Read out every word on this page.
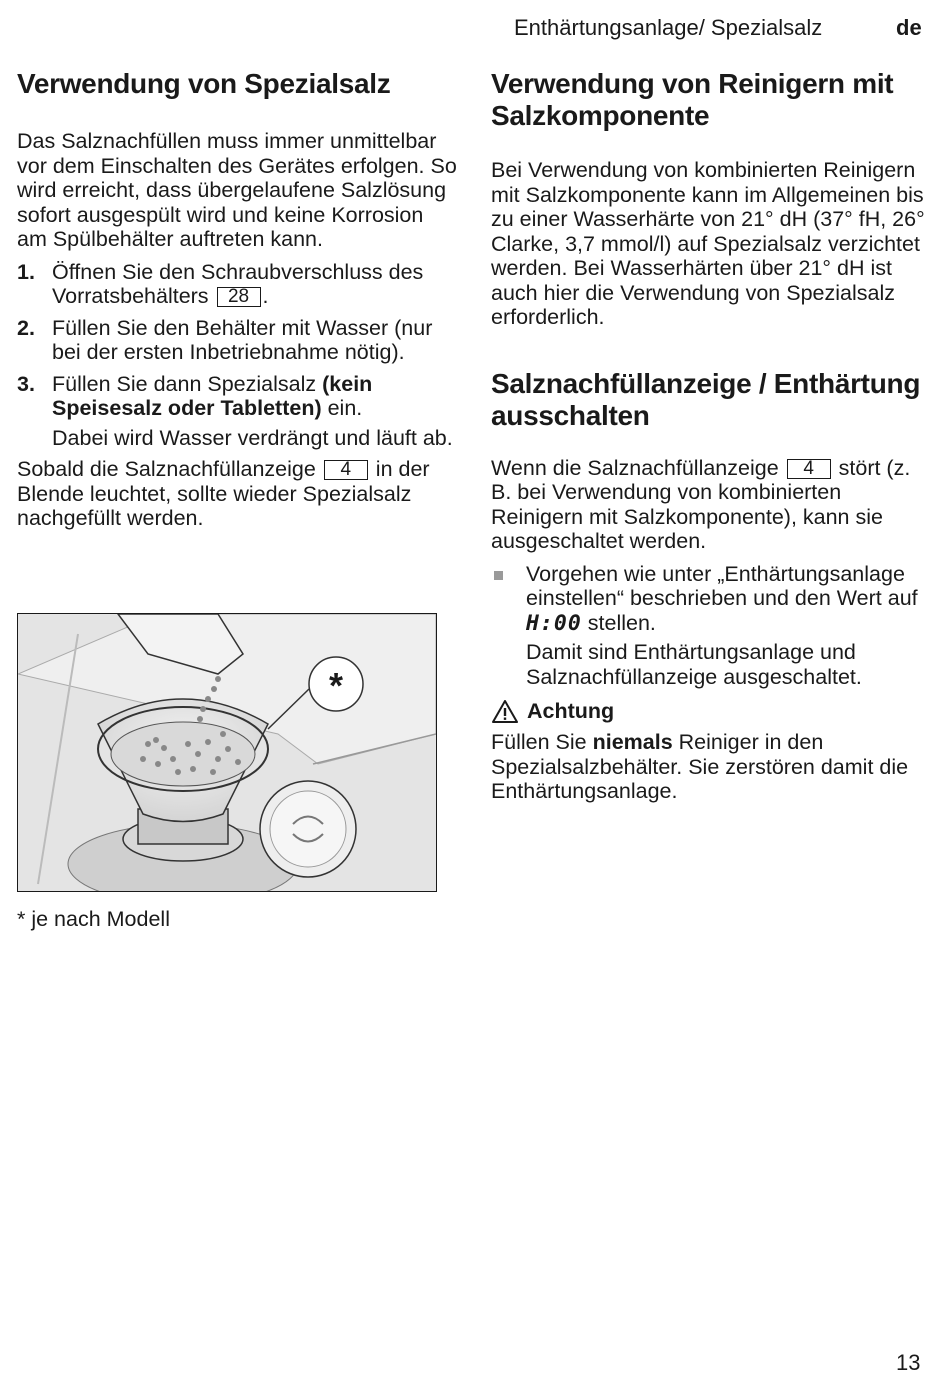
Enthärtungsanlage/ Spezialsalz	de
Verwendung von Spezialsalz

Das Salznachfüllen muss immer unmittelbar vor dem Einschalten des Gerätes erfolgen. So wird erreicht, dass übergelaufene Salzlösung sofort ausgespült wird und keine Korrosion am Spülbehälter auftreten kann.

1. Öffnen Sie den Schraubverschluss des Vorratsbehälters 28 .
2. Füllen Sie den Behälter mit Wasser (nur bei der ersten Inbetriebnahme nötig).
3. Füllen Sie dann Spezialsalz (kein Speisesalz oder Tabletten) ein.

Dabei wird Wasser verdrängt und läuft ab.

Sobald die Salznachfüllanzeige 4 in der Blende leuchtet, sollte wieder Spezialsalz nachgefüllt werden.

*
* je nach Modell
Verwendung von Reinigern mit Salzkomponente

Bei Verwendung von kombinierten Reinigern mit Salzkomponente kann im Allgemeinen bis zu einer Wasserhärte von 21° dH (37° fH, 26° Clarke, 3,7 mmol/l) auf Spezialsalz verzichtet werden. Bei Wasserhärten über 21° dH ist auch hier die Verwendung von Spezialsalz erforderlich.

Salznachfüllanzeige / Enthärtung ausschalten

Wenn die Salznachfüllanzeige 4 stört (z. B. bei Verwendung von kombinierten Reinigern mit Salzkomponente), kann sie ausgeschaltet werden.

Vorgehen wie unter „Enthärtungsanlage einstellen“ beschrieben und den Wert auf H:00 stellen.

Damit sind Enthärtungsanlage und Salznachfüllanzeige ausgeschaltet.

Achtung

Füllen Sie niemals Reiniger in den Spezialsalzbehälter. Sie zerstören damit die Enthärtungsanlage.

13
